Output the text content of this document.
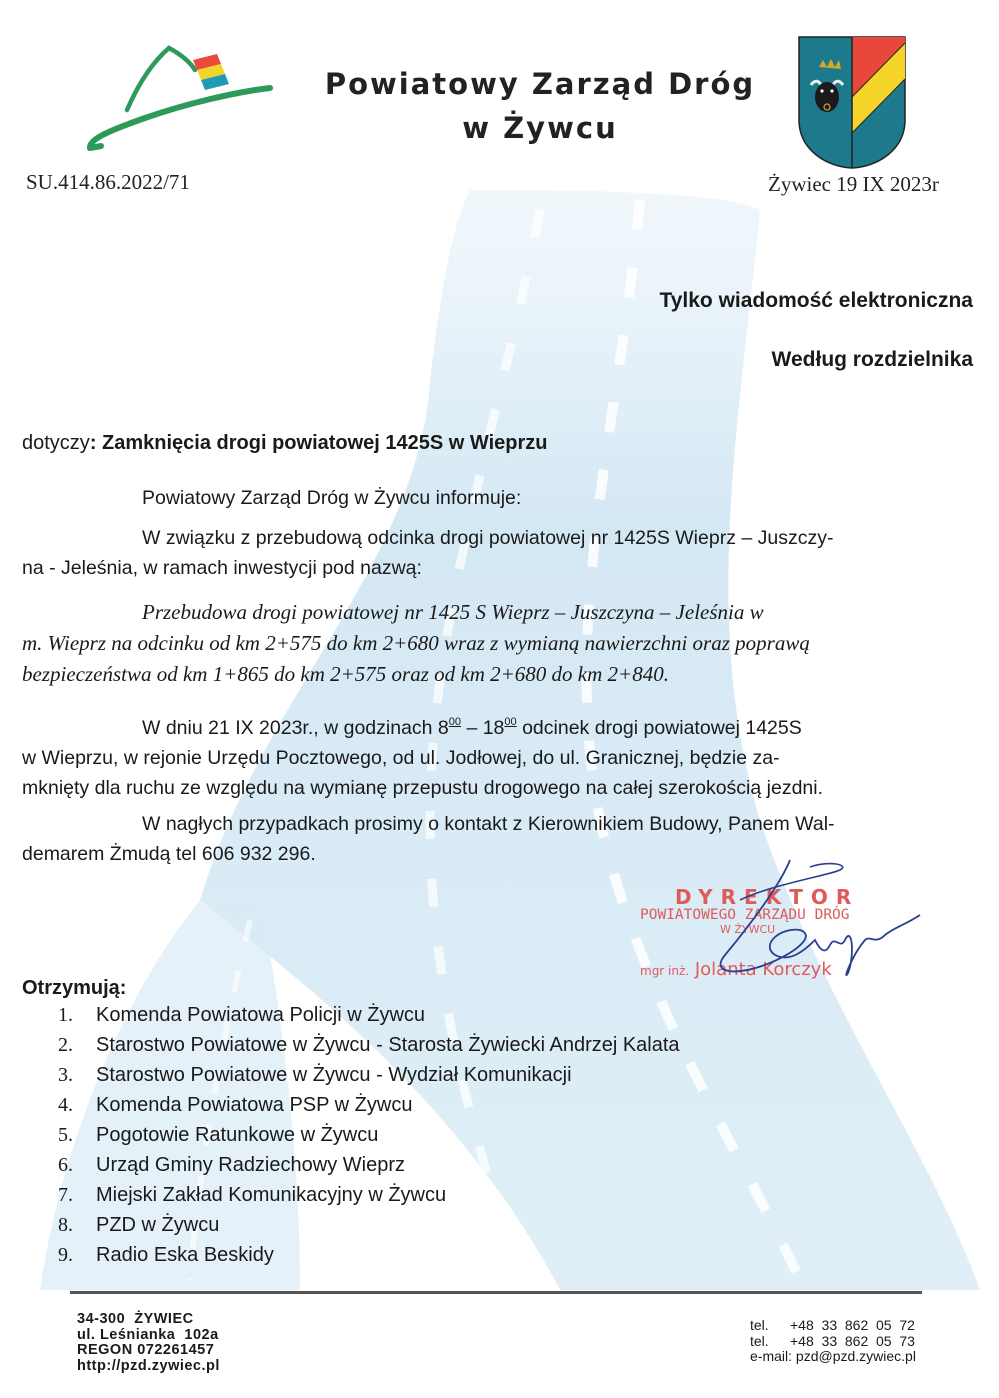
Powiatowy Zarząd Dróg
w Żywcu
SU.414.86.2022/71	Żywiec 19 IX 2023r
Tylko wiadomość elektroniczna
Według rozdzielnika
dotyczy: Zamknięcia drogi powiatowej 1425S w Wieprzu
Powiatowy Zarząd Dróg w Żywcu informuje:
W związku z przebudową odcinka drogi powiatowej nr 1425S Wieprz – Juszczy-
na - Jeleśnia, w ramach inwestycji pod nazwą:
Przebudowa drogi powiatowej nr 1425 S Wieprz – Juszczyna – Jeleśnia w
m. Wieprz na odcinku od km 2+575 do km 2+680 wraz z wymianą nawierzchni oraz poprawą
bezpieczeństwa od km 1+865 do km 2+575 oraz od km 2+680 do km 2+840.
W dniu 21 IX 2023r., w godzinach $8^{00} - 18^{00}$ odcinek drogi powiatowej 1425S
w Wieprzu, w rejonie Urzędu Pocztowego, od ul. Jodłowej, do ul. Granicznej, będzie za-
mknięty dla ruchu ze względu na wymianę przepustu drogowego na całej szerokością jezdni.
W nagłych przypadkach prosimy o kontakt z Kierownikiem Budowy, Panem Wal-
demarem Żmudą tel 606 932 296.
DYREKTOR
POWIATOWEGO ZARZĄDU DRÓG
W ŻYWCU
mgr inż. Jolanta Korczyk
Otrzymują:
1.	Komenda Powiatowa Policji w Żywcu
2.	Starostwo Powiatowe w Żywcu - Starosta Żywiecki Andrzej Kalata
3.	Starostwo Powiatowe w Żywcu - Wydział Komunikacji
4.	Komenda Powiatowa PSP w Żywcu
5.	Pogotowie Ratunkowe w Żywcu
6.	Urząd Gminy Radziechowy Wieprz
7.	Miejski Zakład Komunikacyjny w Żywcu
8.	PZD w Żywcu
9.	Radio Eska Beskidy
34-300  ŻYWIEC
ul. Leśnianka  102a
REGON 072261457
http://pzd.zywiec.pl
tel.	+48  33  862  05  72
tel.	+48  33  862  05  73
e-mail:
pzd@pzd.zywiec.pl
